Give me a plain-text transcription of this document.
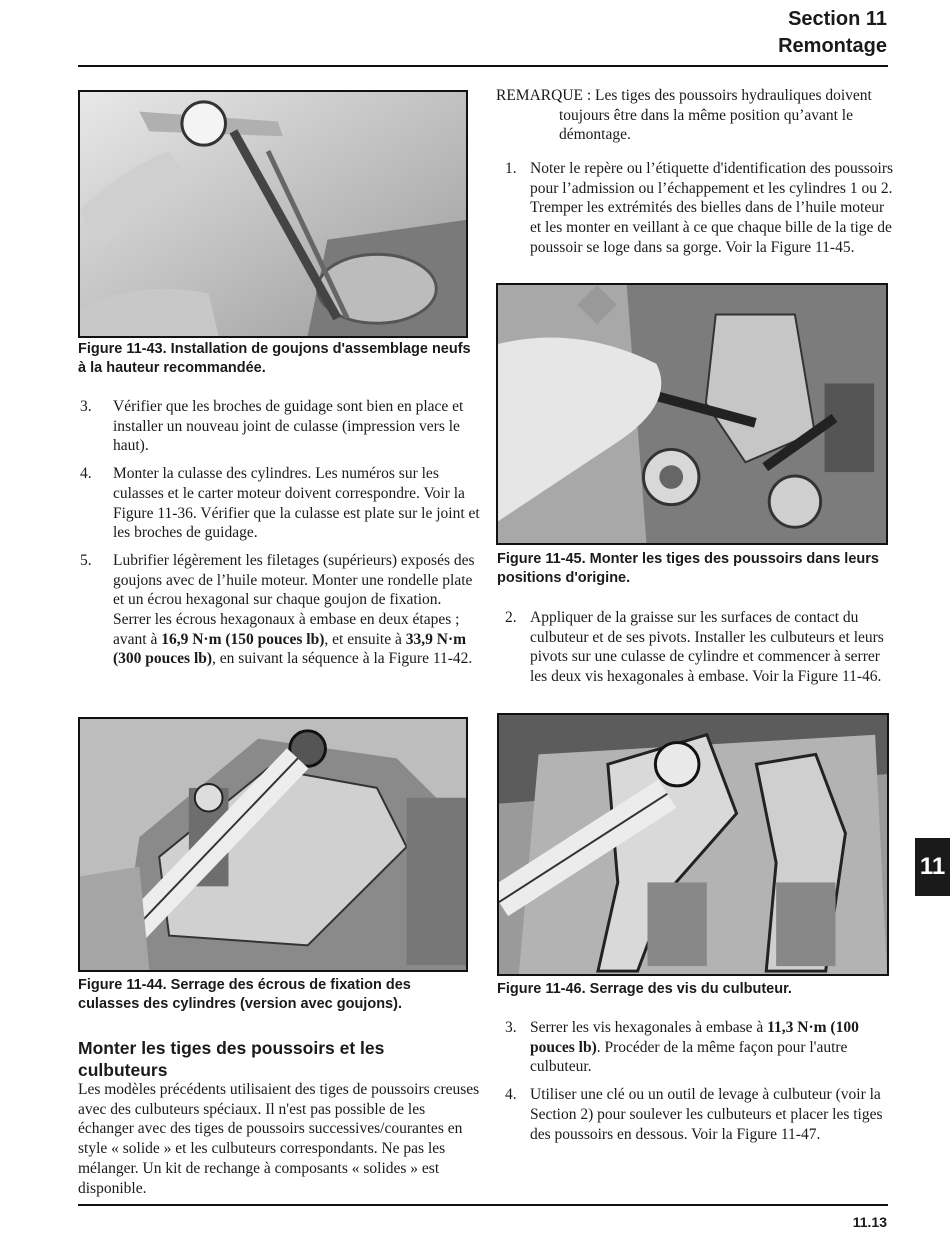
Section 11
Remontage
11
Figure 11-43. Installation de goujons d'assemblage neufs à la hauteur recommandée.
3.	Vérifier que les broches de guidage sont bien en place et installer un nouveau joint de culasse (impression vers le haut).
4.	Monter la culasse des cylindres. Les numéros sur les culasses et le carter moteur doivent correspondre. Voir la Figure 11-36. Vérifier que la culasse est plate sur le joint et les broches de guidage.
5.	Lubrifier légèrement les filetages (supérieurs) exposés des goujons avec de l’huile moteur. Monter une rondelle plate et un écrou hexagonal sur chaque goujon de fixation. Serrer les écrous hexagonaux à embase en deux étapes ; avant à 16,9 N·m (150 pouces lb), et ensuite à 33,9 N·m (300 pouces lb), en suivant la séquence à la Figure 11-42.
Figure 11-44. Serrage des écrous de fixation des culasses des cylindres (version avec goujons).
Monter les tiges des poussoirs et les culbuteurs
Les modèles précédents utilisaient des tiges de poussoirs creuses avec des culbuteurs spéciaux. Il n'est pas possible de les échanger avec des tiges de poussoirs successives/courantes en style « solide » et les culbuteurs correspondants. Ne pas les mélanger. Un kit de rechange à composants « solides » est disponible.
REMARQUE : Les tiges des poussoirs hydrauliques doivent toujours être dans la même position qu’avant le démontage.
1. Noter le repère ou l’étiquette d'identification des poussoirs pour l’admission ou l’échappement et les cylindres 1 ou 2. Tremper les extrémités des bielles dans de l’huile moteur et les monter en veillant à ce que chaque bille de la tige de poussoir se loge dans sa gorge. Voir la Figure 11-45.
Figure 11-45. Monter les tiges des poussoirs dans leurs positions d'origine.
2. Appliquer de la graisse sur les surfaces de contact du culbuteur et de ses pivots. Installer les culbuteurs et leurs pivots sur une culasse de cylindre et commencer à serrer les deux vis hexagonales à embase. Voir la Figure 11-46.
Figure 11-46. Serrage des vis du culbuteur.
3. Serrer les vis hexagonales à embase à 11,3 N·m (100 pouces lb). Procéder de la même façon pour l'autre culbuteur.
4. Utiliser une clé ou un outil de levage à culbuteur (voir la Section 2) pour soulever les culbuteurs et placer les tiges des poussoirs en dessous. Voir la Figure 11-47.
11.13
